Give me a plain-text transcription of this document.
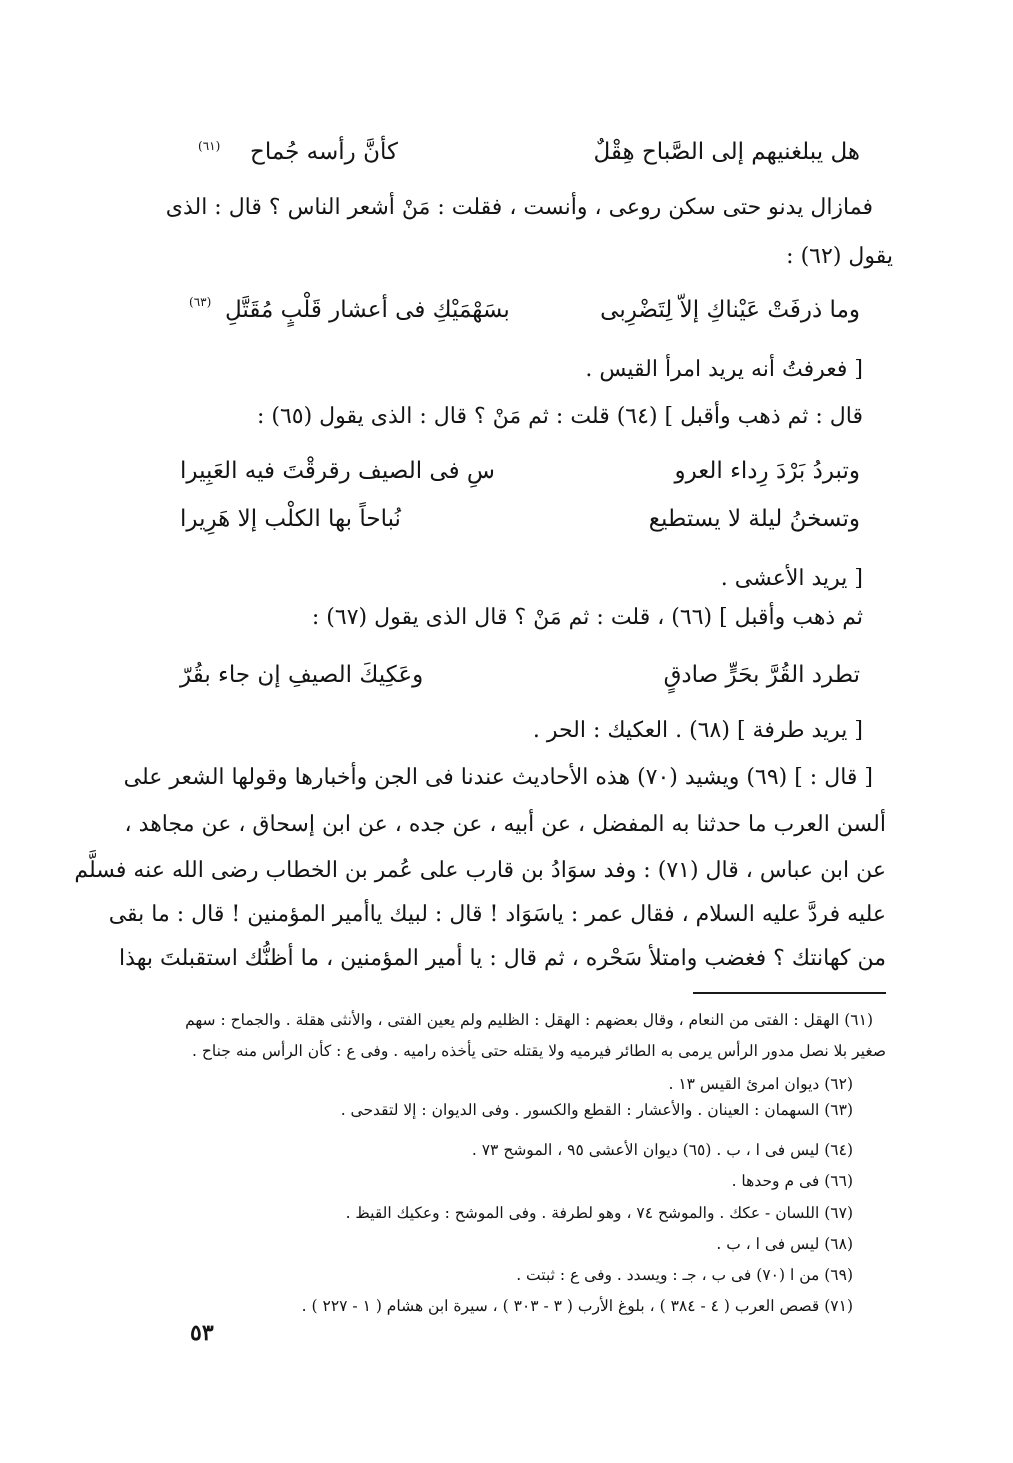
هل يبلغنيهم إلى الصَّباح هِقْلٌ
كأنَّ رأسه جُماح
(٦١)
فمازال يدنو حتى سكن روعى ، وأنست ، فقلت : مَنْ أشعر الناس ؟ قال : الذى
يقول (٦٢) :
وما ذرفَتْ عَيْناكِ إلاّ لِتَضْرِبى
بسَهْمَيْكِ فى أعشار قَلْبٍ مُقَتَّلِ
(٦٣)
[ فعرفتُ أنه يريد امرأ القيس .
قال : ثم ذهب وأقبل ] (٦٤) قلت : ثم مَنْ ؟ قال : الذى يقول (٦٥) :
وتبردُ بَرْدَ رِداء العرو
سِ فى الصيف رقرقْتَ فيه العَبِيرا
وتسخنُ ليلة لا يستطيع
نُباحاً بها الكلْب إلا هَرِيرا
[ يريد الأعشى .
ثم ذهب وأقبل ] (٦٦) ، قلت : ثم مَنْ ؟ قال الذى يقول (٦٧) :
تطرد القُرَّ بحَرٍّ صادقٍ
وعَكِيكَ الصيفِ إن جاء بقُرّ
[ يريد طرفة ] (٦٨) . العكيك : الحر .
[ قال : ] (٦٩) ويشيد (٧٠) هذه الأحاديث عندنا فى الجن وأخبارها وقولها الشعر على
ألسن العرب ما حدثنا به المفضل ، عن أبيه ، عن جده ، عن ابن إسحاق ، عن مجاهد ،
عن ابن عباس ، قال (٧١) : وفد سوَادُ بن قارب على عُمر بن الخطاب رضى الله عنه فسلَّم
عليه فردَّ عليه السلام ، فقال عمر : ياسَوَاد ! قال : لبيك ياأمير المؤمنين ! قال : ما بقى
من كهانتك ؟ فغضب وامتلأ سَحْره ، ثم قال : يا أمير المؤمنين ، ما أظنُّك استقبلتَ بهذا
(٦١) الهقل : الفتى من النعام ، وقال بعضهم : الهقل : الظليم ولم يعين الفتى ، والأنثى هقلة . والجماح : سهم
صغير بلا نصل مدور الرأس يرمى به الطائر فيرميه ولا يقتله حتى يأخذه راميه . وفى ع : كأن الرأس منه جناح .
(٦٢) ديوان امرئ القيس ١٣ .
(٦٣) السهمان : العينان . والأعشار : القطع والكسور . وفى الديوان : إلا لتقدحى .
(٦٤) ليس فى ا ، ب . (٦٥) ديوان الأعشى ٩٥ ، الموشح ٧٣ .
(٦٦) فى م وحدها .
(٦٧) اللسان - عكك . والموشح ٧٤ ، وهو لطرفة . وفى الموشح : وعكيك القيظ .
(٦٨) ليس فى ا ، ب .
(٦٩) من ا (٧٠) فى ب ، جـ : ويسدد . وفى ع : ثبتت .
(٧١) قصص العرب ( ٤ - ٣٨٤ ) ، بلوغ الأرب ( ٣ - ٣٠٣ ) ، سيرة ابن هشام ( ١ - ٢٢٧ ) .
٥٣
